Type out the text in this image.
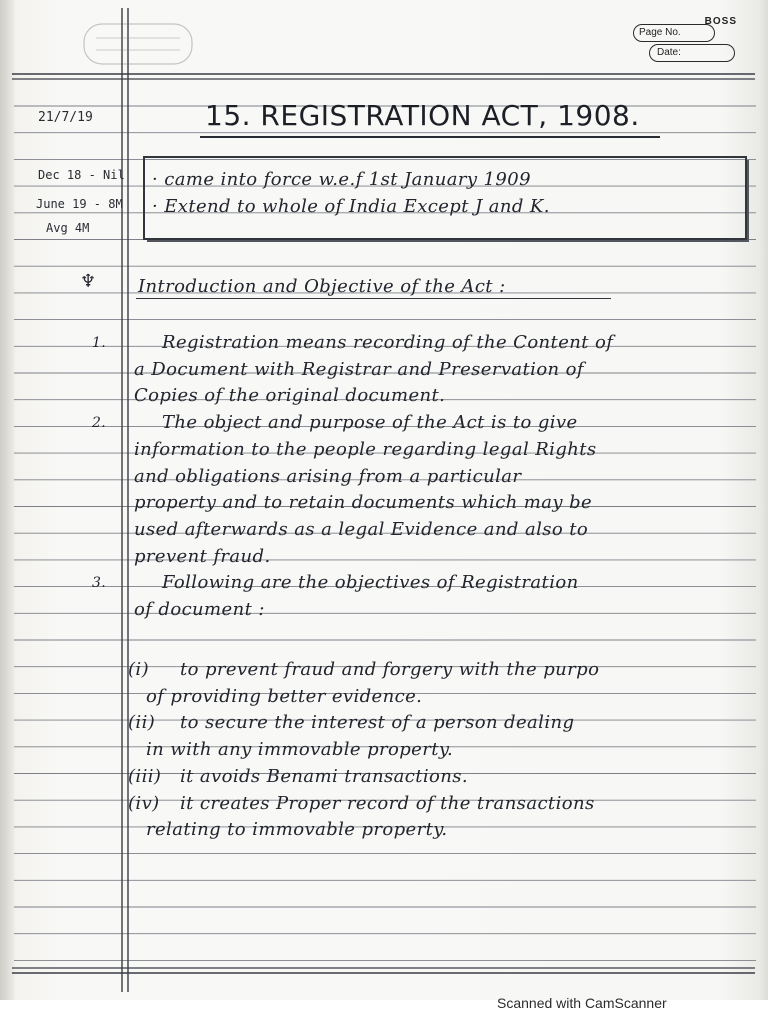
BOSS

Page No.

Date:

21/7/19

Dec 18 - Nil

June 19 - 8M

Avg 4M

15. REGISTRATION ACT, 1908.

· came into force w.e.f 1st January 1909

· Extend to whole of India Except J and K.

♆ Introduction and Objective of the Act :

1.	Registration means recording of the Content of

a Document with Registrar and Preservation of

Copies of the original document.

2.	The object and purpose of the Act is to give

information to the people regarding legal Rights

and obligations arising from a particular

property and to retain documents which may be

used afterwards as a legal Evidence and also to

prevent fraud.

3.	Following are the objectives of Registration

of document :

(i) to prevent fraud and forgery with the purpo

of providing better evidence.

(ii) to secure the interest of a person dealing

in with any immovable property.

(iii) it avoids Benami transactions.

(iv) it creates Proper record of the transactions

relating to immovable property.

Scanned with CamScanner
